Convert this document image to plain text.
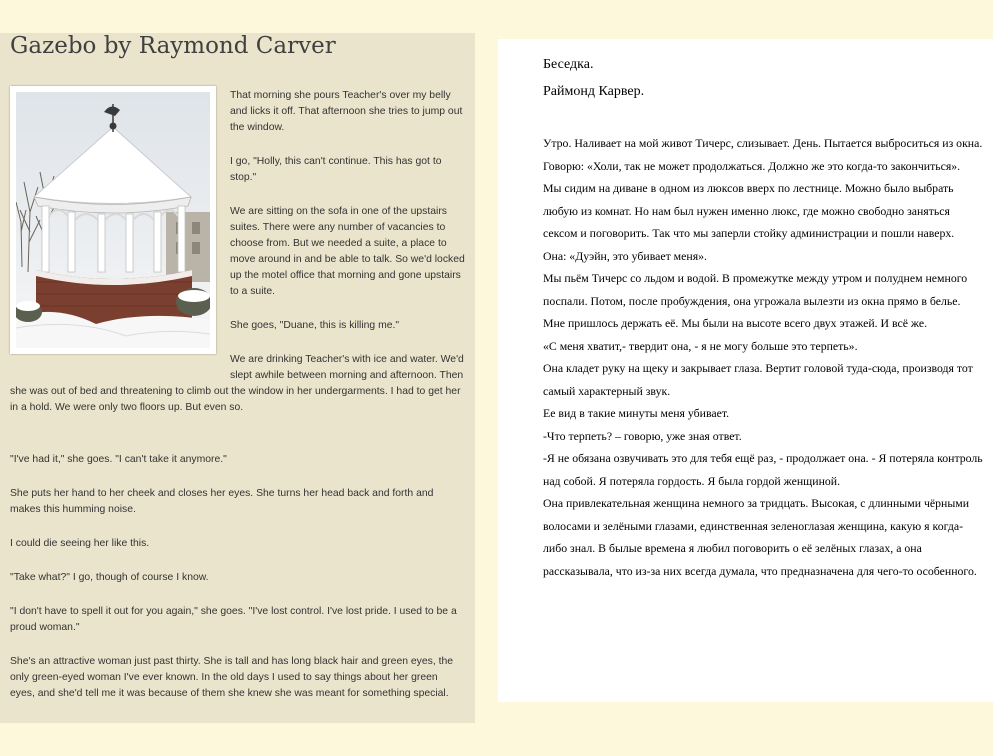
Gazebo by Raymond Carver

That morning she pours Teacher's over my belly and licks it off. That afternoon she tries to jump out the window.

I go, "Holly, this can't continue. This has got to stop."

We are sitting on the sofa in one of the upstairs suites. There were any number of vacancies to choose from. But we needed a suite, a place to move around in and be able to talk. So we'd locked up the motel office that morning and gone upstairs to a suite.

She goes, "Duane, this is killing me."

We are drinking Teacher's with ice and water. We'd slept awhile between morning and afternoon. Then she was out of bed and threatening to climb out the window in her undergarments. I had to get her in a hold. We were only two floors up. But even so.

"I've had it," she goes. "I can't take it anymore."

She puts her hand to her cheek and closes her eyes. She turns her head back and forth and makes this humming noise.

I could die seeing her like this.

"Take what?" I go, though of course I know.

"I don't have to spell it out for you again," she goes. "I've lost control. I've lost pride. I used to be a proud woman."

She's an attractive woman just past thirty. She is tall and has long black hair and green eyes, the only green-eyed woman I've ever known. In the old days I used to say things about her green eyes, and she'd tell me it was because of them she knew she was meant for something special.

Беседка.

Раймонд Карвер.

Утро. Наливает на мой живот Тичерс, слизывает. День. Пытается выброситься из окна.

Говорю: «Холи, так не может продолжаться. Должно же это когда-то закончиться».

Мы сидим на диване в одном из люксов вверх по лестнице. Можно было выбрать любую из комнат. Но нам был нужен именно люкс, где можно свободно заняться сексом и поговорить. Так что мы заперли стойку администрации и пошли наверх.

Она: «Дуэйн, это убивает меня».

Мы пьём Тичерс со льдом и водой. В промежутке между утром и полуднем немного поспали. Потом, после пробуждения, она угрожала вылезти из окна прямо в белье. Мне пришлось держать её. Мы были на высоте всего двух этажей. И всё же.

«С меня хватит,- твердит она, - я не могу больше это терпеть».

Она кладет руку на щеку и закрывает глаза. Вертит головой туда-сюда, производя тот самый характерный звук.

Ее вид в такие минуты меня убивает.

-Что терпеть? – говорю, уже зная ответ.

-Я не обязана озвучивать это для тебя ещё раз, - продолжает она. - Я потеряла контроль над собой. Я потеряла гордость. Я была гордой женщиной.

Она привлекательная женщина немного за тридцать. Высокая, с длинными чёрными волосами и зелёными глазами, единственная зеленоглазая женщина, какую я когда-либо знал. В былые времена я любил поговорить о её зелёных глазах, а она рассказывала, что из-за них всегда думала, что предназначена для чего-то особенного.
